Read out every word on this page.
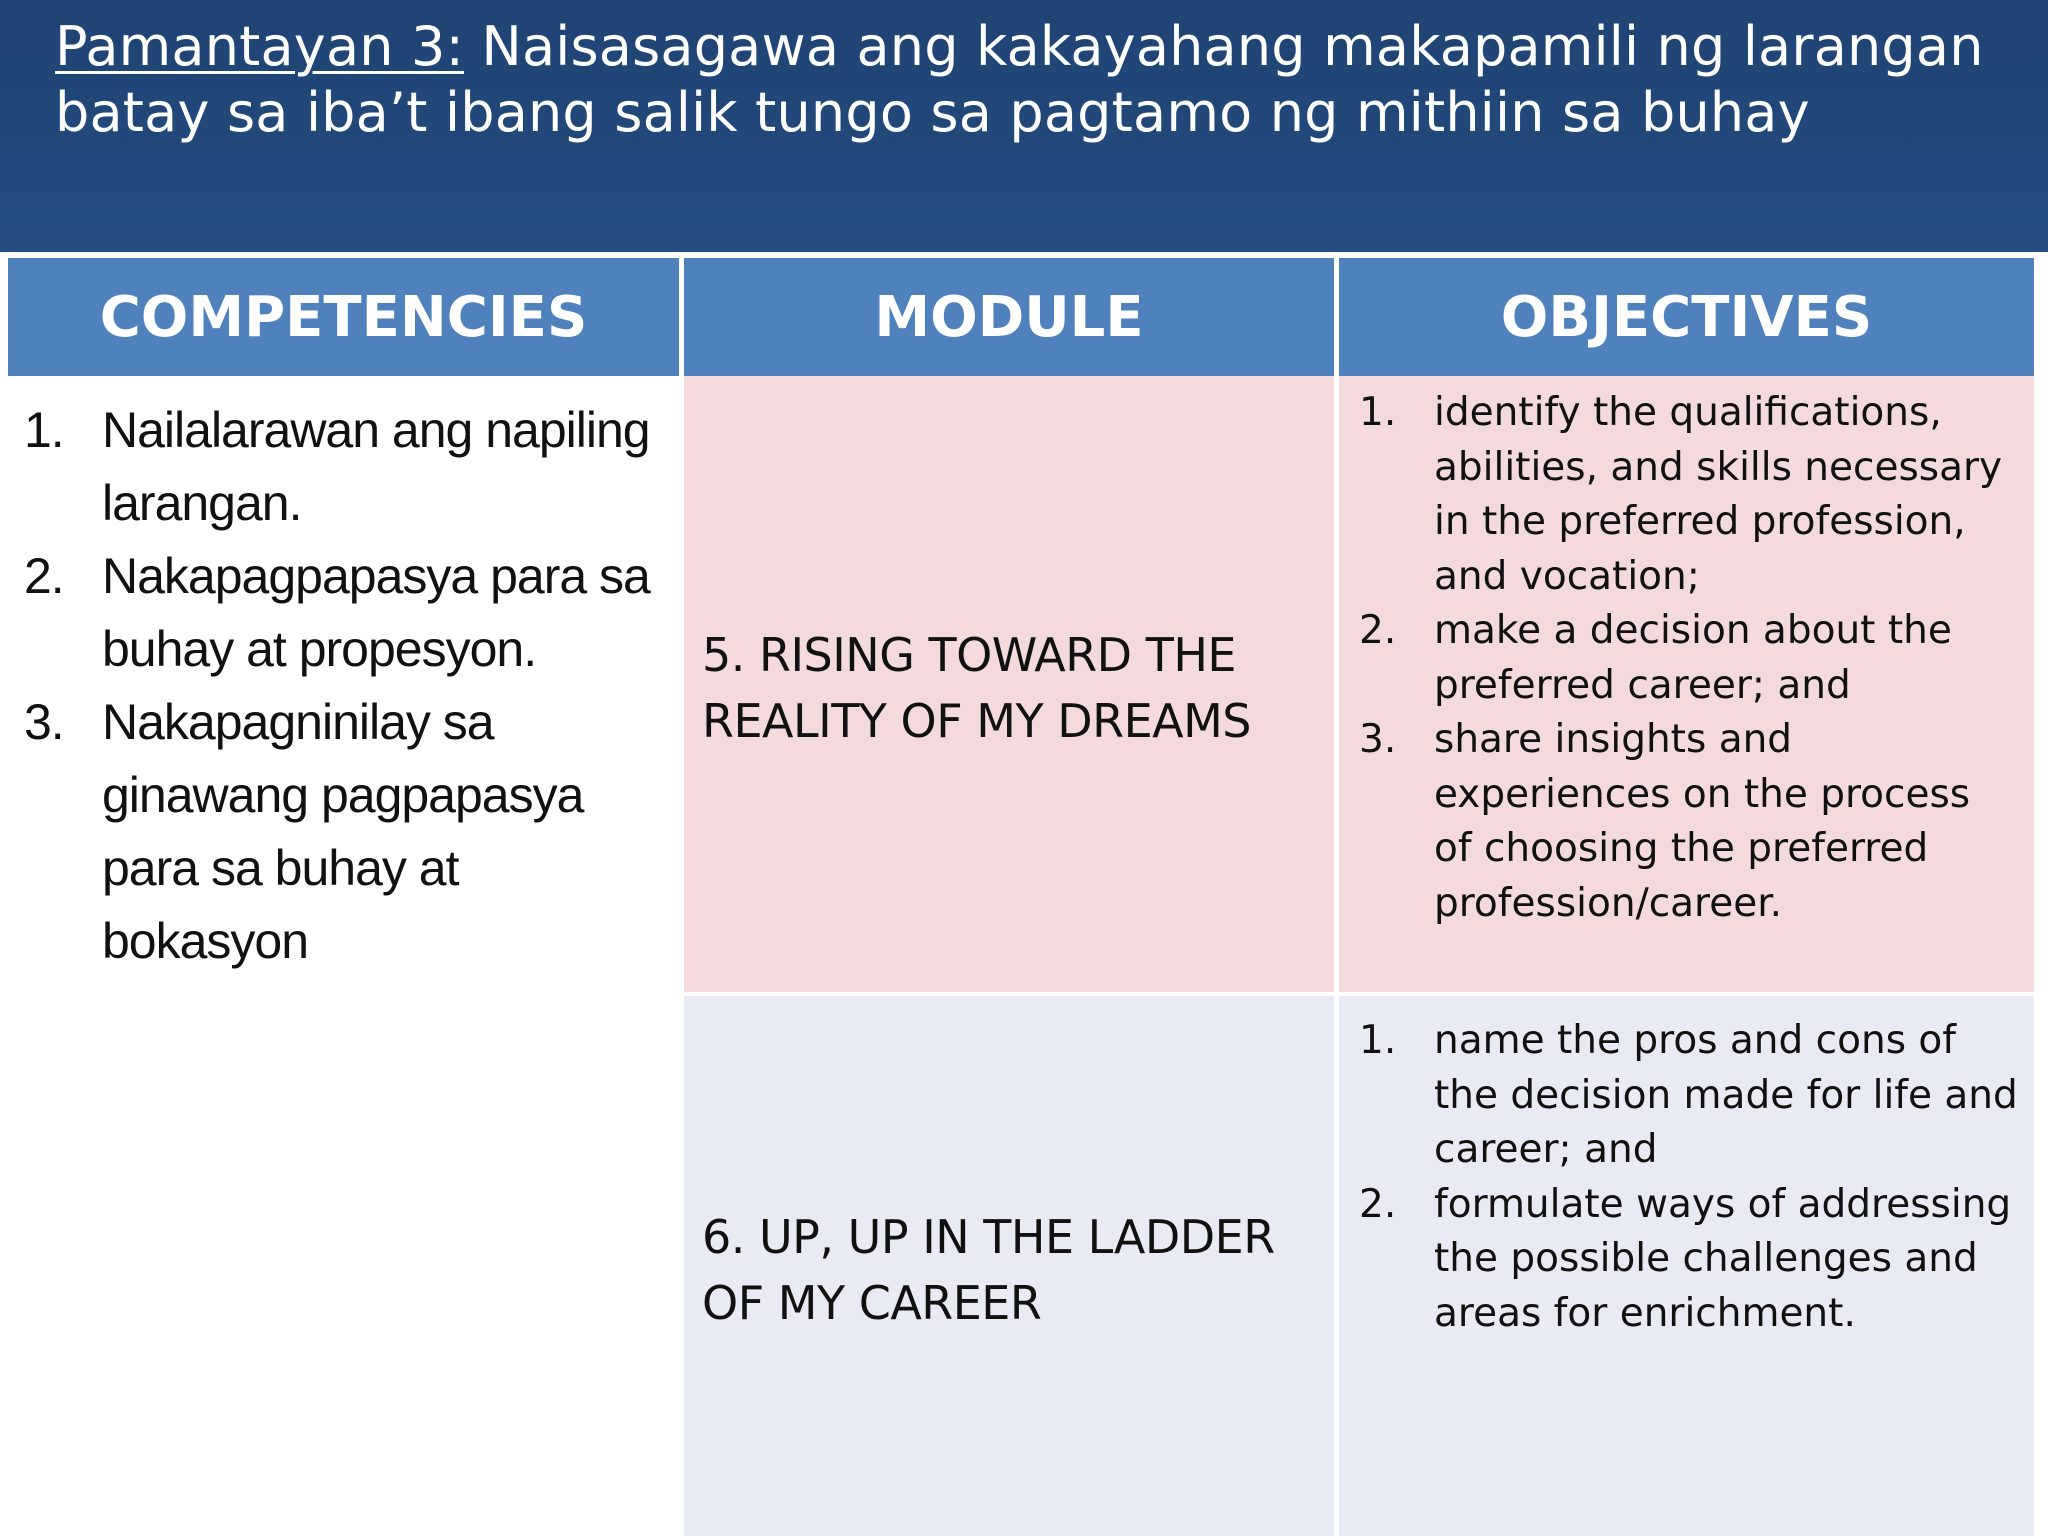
Pamantayan 3: Naisasagawa ang kakayahang makapamili ng larangan batay sa iba’t ibang salik tungo sa pagtamo ng mithiin sa buhay
COMPETENCIES	MODULE	OBJECTIVES
1. Nailalarawan ang napiling larangan.
2. Nakapagpapasya para sa buhay at propesyon.
3. Nakapagninilay sa ginawang pagpapasya para sa buhay at bokasyon

5. RISING TOWARD THE REALITY OF MY DREAMS

1. identify the qualifications, abilities, and skills necessary in the preferred profession, and vocation;
2. make a decision about the preferred career; and
3. share insights and experiences on the process of choosing the preferred profession/career.

6. UP, UP IN THE LADDER OF MY CAREER

1. name the pros and cons of the decision made for life and career; and
2. formulate ways of addressing the possible challenges and areas for enrichment.
